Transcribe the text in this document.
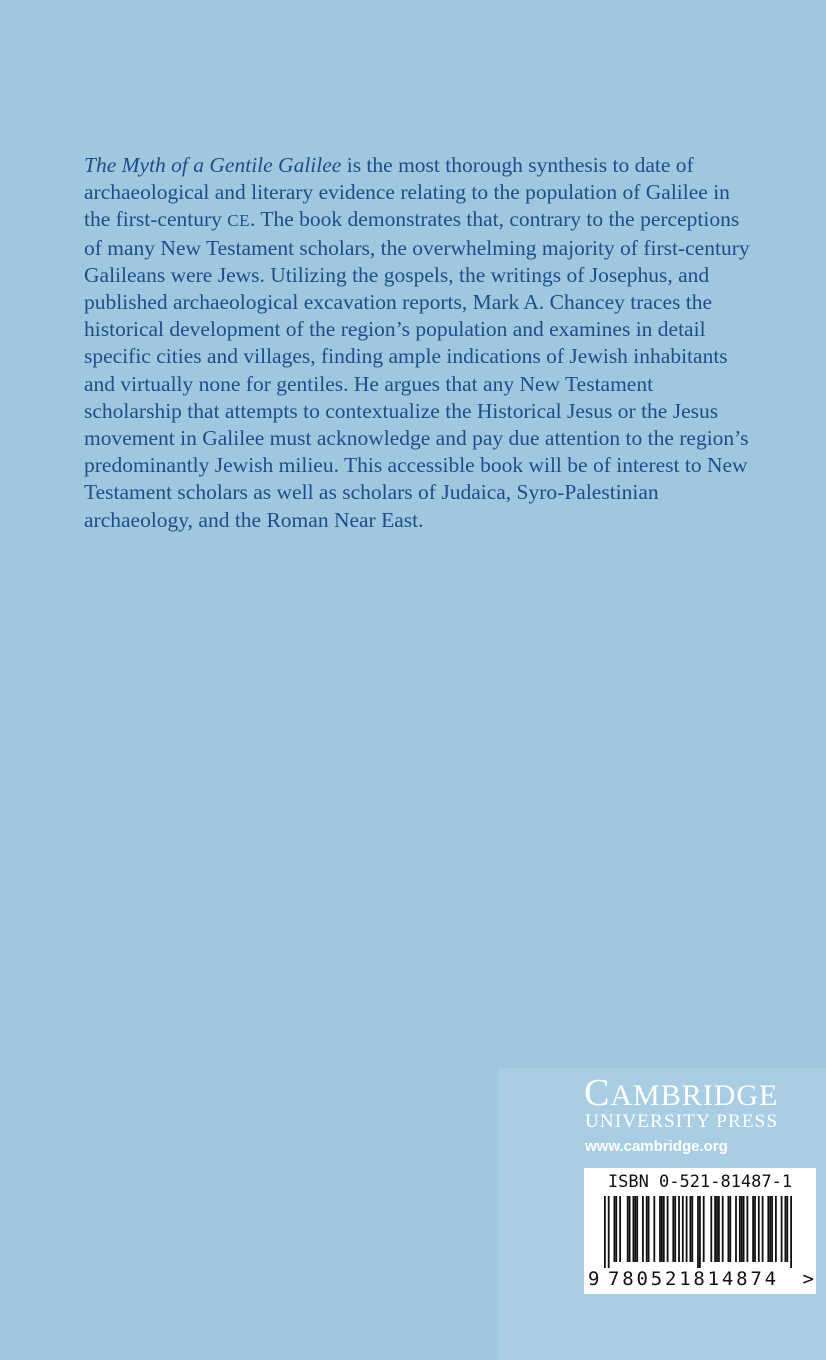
The Myth of a Gentile Galilee is the most thorough synthesis to date of archaeological and literary evidence relating to the population of Galilee in the first-century CE. The book demonstrates that, contrary to the perceptions of many New Testament scholars, the overwhelming majority of first-century Galileans were Jews. Utilizing the gospels, the writings of Josephus, and published archaeological excavation reports, Mark A. Chancey traces the historical development of the region’s population and examines in detail specific cities and villages, finding ample indications of Jewish inhabitants and virtually none for gentiles. He argues that any New Testament scholarship that attempts to contextualize the Historical Jesus or the Jesus movement in Galilee must acknowledge and pay due attention to the region’s predominantly Jewish milieu. This accessible book will be of interest to New Testament scholars as well as scholars of Judaica, Syro-Palestinian archaeology, and the Roman Near East.

CAMBRIDGE
UNIVERSITY PRESS
www.cambridge.org
ISBN 0-521-81487-1
9 780521814874 >
